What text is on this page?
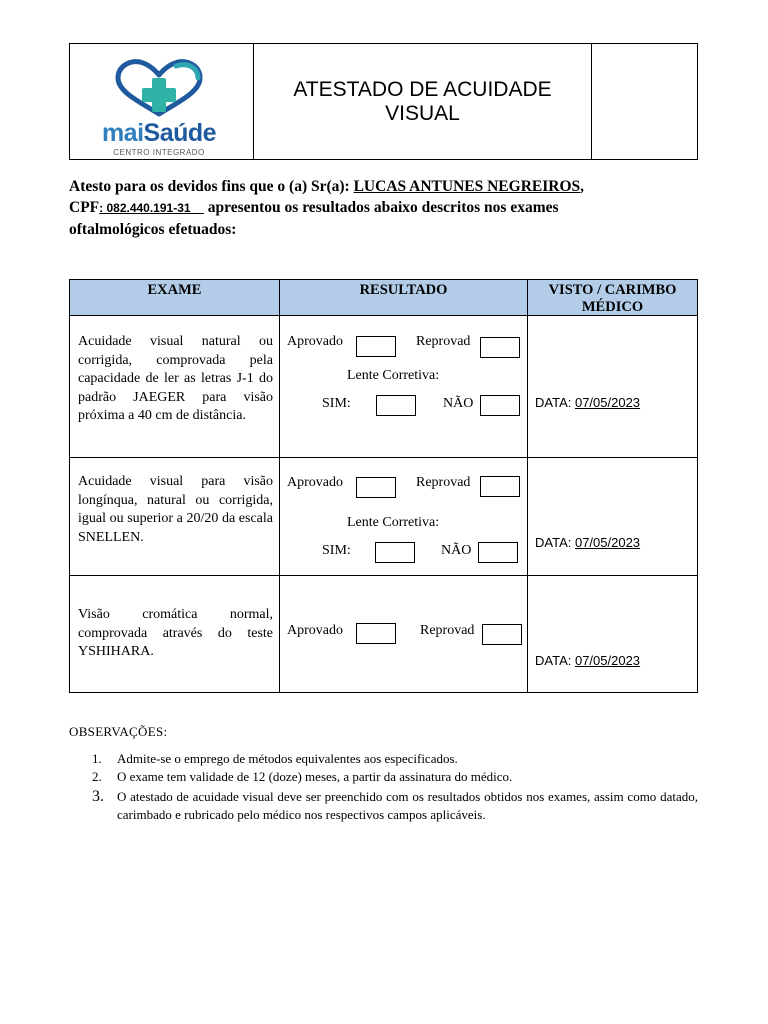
maiSaúde
CENTRO INTEGRADO
ATESTADO DE ACUIDADE
VISUAL
Atesto para os devidos fins que o (a) Sr(a): LUCAS ANTUNES NEGREIROS,
CPF: 082.440.191-31     apresentou os resultados abaixo descritos nos exames
oftalmológicos efetuados:
EXAME	RESULTADO	VISTO / CARIMBO
MÉDICO
Acuidade visual natural ou corrigida, comprovada pela capacidade de ler as letras J-1 do padrão JAEGER para visão próxima a 40 cm de distância.
Aprovado	Reprovad
Lente Corretiva:
SIM:	NÃO	DATA: 07/05/2023
Acuidade visual para visão longínqua, natural ou corrigida, igual ou superior a 20/20 da escala SNELLEN.
Aprovado	Reprovad
Lente Corretiva:
SIM:	NÃO
DATA: 07/05/2023
Visão cromática normal, comprovada através do teste YSHIHARA.
Aprovado	Reprovad
DATA: 07/05/2023
OBSERVAÇÕES:
1.	Admite-se o emprego de métodos equivalentes aos especificados.
2.	O exame tem validade de 12 (doze) meses, a partir da assinatura do médico.
3.	O atestado de acuidade visual deve ser preenchido com os resultados obtidos nos exames, assim como datado, carimbado e rubricado pelo médico nos respectivos campos aplicáveis.
